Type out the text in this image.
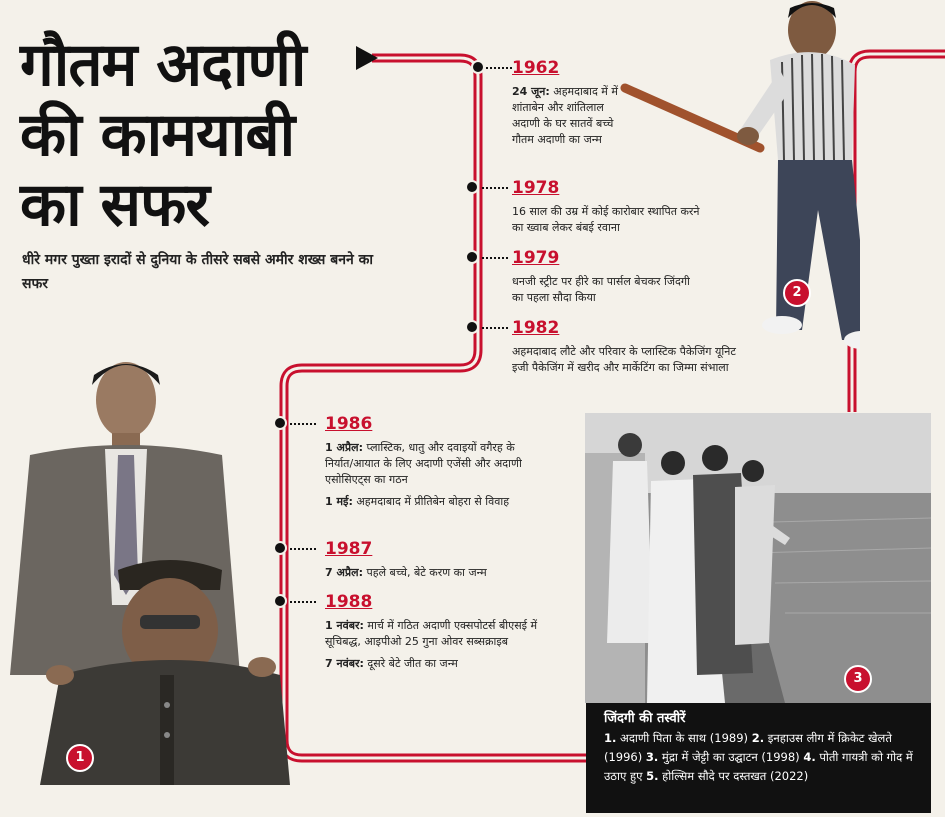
गौतम अदाणी
की कामयाबी
का सफर
धीरे मगर पुख्ता इरादों से दुनिया के तीसरे सबसे अमीर शख्स बनने का सफर
1962
24 जून: अहमदाबाद में में शांताबेन और शांतिलाल अदाणी के घर सातवें बच्चे गौतम अदाणी का जन्म
1978
16 साल की उम्र में कोई कारोबार स्थापित करने का ख्वाब लेकर बंबई रवाना
1979
धनजी स्ट्रीट पर हीरे का पार्सल बेचकर जिंदगी का पहला सौदा किया
1982
अहमदाबाद लौटे और परिवार के प्लास्टिक पैकेजिंग यूनिट इजी पैकेजिंग में खरीद और मार्केटिंग का जिम्मा संभाला
1986
1 अप्रैल: प्लास्टिक, धातु और दवाइयों वगैरह के निर्यात/आयात के लिए अदाणी एजेंसी और अदाणी एसोसिएट्स का गठन
1 मई: अहमदाबाद में प्रीतिबेन बोहरा से विवाह
1987
7 अप्रैल: पहले बच्चे, बेटे करण का जन्म
1988
1 नवंबर: मार्च में गठित अदाणी एक्सपोटर्स बीएसई में सूचिबद्ध, आइपीओ 25 गुना ओवर सब्सक्राइब
7 नवंबर: दूसरे बेटे जीत का जन्म
1
2
3
जिंदगी की तस्वीरें
1. अदाणी पिता के साथ (1989) 2. इनहाउस लीग में क्रिकेट खेलते (1996) 3. मुंद्रा में जेट्टी का उद्घाटन (1998) 4. पोती गायत्री को गोद में उठाए हुए 5. होल्सिम सौदे पर दस्तखत (2022)
